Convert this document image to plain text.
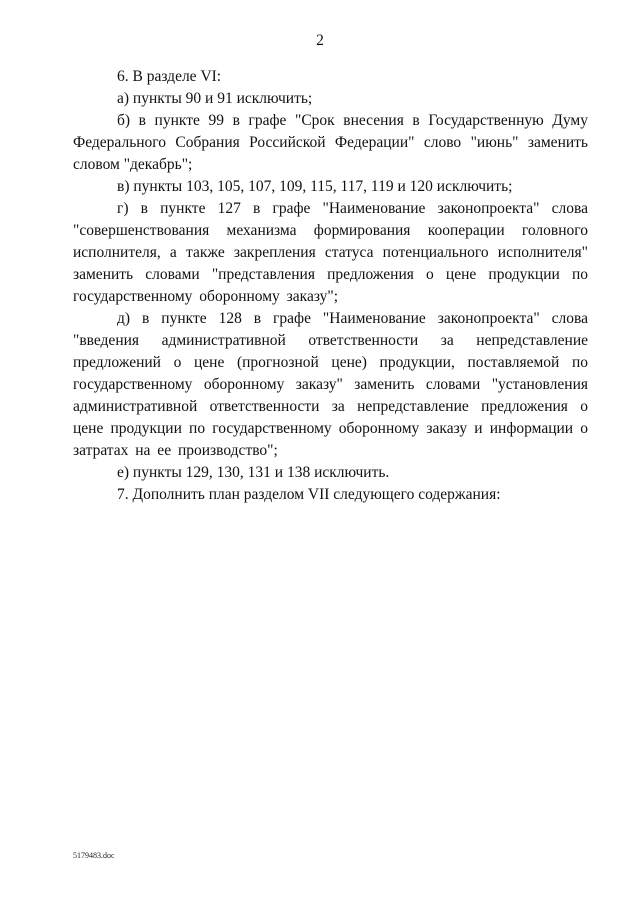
2

6. В разделе VI:

а) пункты 90 и 91 исключить;

б) в пункте 99 в графе "Срок внесения в Государственную Думу Федерального Собрания Российской Федерации" слово "июнь" заменить словом "декабрь";

в) пункты 103, 105, 107, 109, 115, 117, 119 и 120 исключить;

г) в пункте 127 в графе "Наименование законопроекта" слова "совершенствования механизма формирования кооперации головного исполнителя, а также закрепления статуса потенциального исполнителя" заменить словами "представления предложения о цене продукции по государственному оборонному заказу";

д) в пункте 128 в графе "Наименование законопроекта" слова "введения административной ответственности за непредставление предложений о цене (прогнозной цене) продукции, поставляемой по государственному оборонному заказу" заменить словами "установления административной ответственности за непредставление предложения о цене продукции по государственному оборонному заказу и информации о затратах на ее производство";

е) пункты 129, 130, 131 и 138 исключить.

7. Дополнить план разделом VII следующего содержания:

5179483.doc
